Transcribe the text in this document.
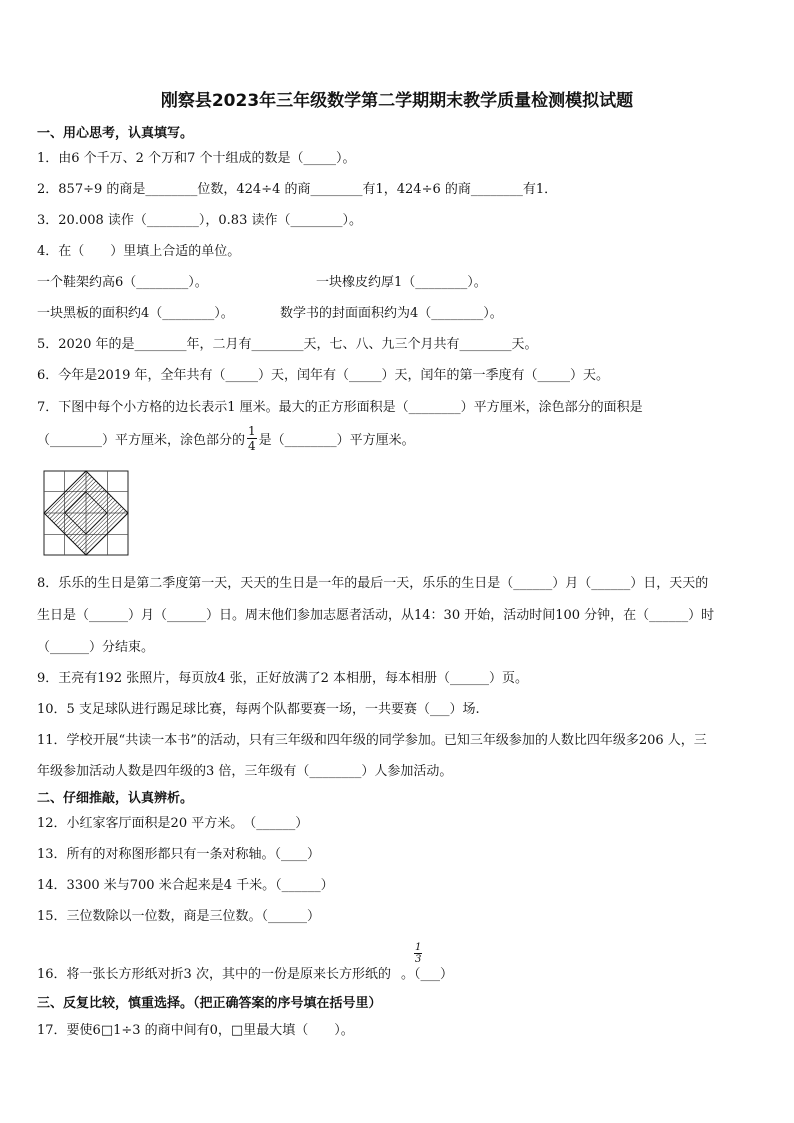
刚察县2023年三年级数学第二学期期末教学质量检测模拟试题
一、用心思考，认真填写。
1．由6 个千万、2 个万和7 个十组成的数是（_____）。
2．857÷9 的商是________位数，424÷4 的商________有1，424÷6 的商________有1．
3．20.008 读作（________），0.83 读作（________）。
4．在（　　）里填上合适的单位。
一个鞋架约高6（________）。	一块橡皮约厚1（________）。
一块黑板的面积约4（________）。	数学书的封面面积约为4（________）。
5．2020 年的是________年，二月有________天，七、八、九三个月共有________天。
6．今年是2019 年，全年共有（_____）天，闰年有（_____）天，闰年的第一季度有（_____）天。
7．下图中每个小方格的边长表示1 厘米。最大的正方形面积是（________）平方厘米，涂色部分的面积是
（________）平方厘米，涂色部分的 $\frac{1}{4}$ 是（________）平方厘米。
8．乐乐的生日是第二季度第一天，天天的生日是一年的最后一天，乐乐的生日是（______）月（______）日，天天的
生日是（______）月（______）日。周末他们参加志愿者活动，从14：30 开始，活动时间100 分钟，在（______）时
（______）分结束。
9．王亮有192 张照片，每页放4 张，正好放满了2 本相册，每本相册（______）页。
10．5 支足球队进行踢足球比赛，每两个队都要赛一场，一共要赛（___）场.
11．学校开展“共读一本书”的活动，只有三年级和四年级的同学参加。已知三年级参加的人数比四年级多206 人，三
年级参加活动人数是四年级的3 倍，三年级有（________）人参加活动。
二、仔细推敲，认真辨析。
12．小红家客厅面积是20 平方米。　（______）
13．所有的对称图形都只有一条对称轴。（____）
14．3300 米与700 米合起来是4 千米。（______）
15．三位数除以一位数，商是三位数。（______）
16．将一张长方形纸对折3 次，其中的一份是原来长方形纸的 。（___）
$\frac{1}{3}$
三、反复比较，慎重选择。（把正确答案的序号填在括号里）
17．要使6□1÷3 的商中间有0，□里最大填（　　）。
